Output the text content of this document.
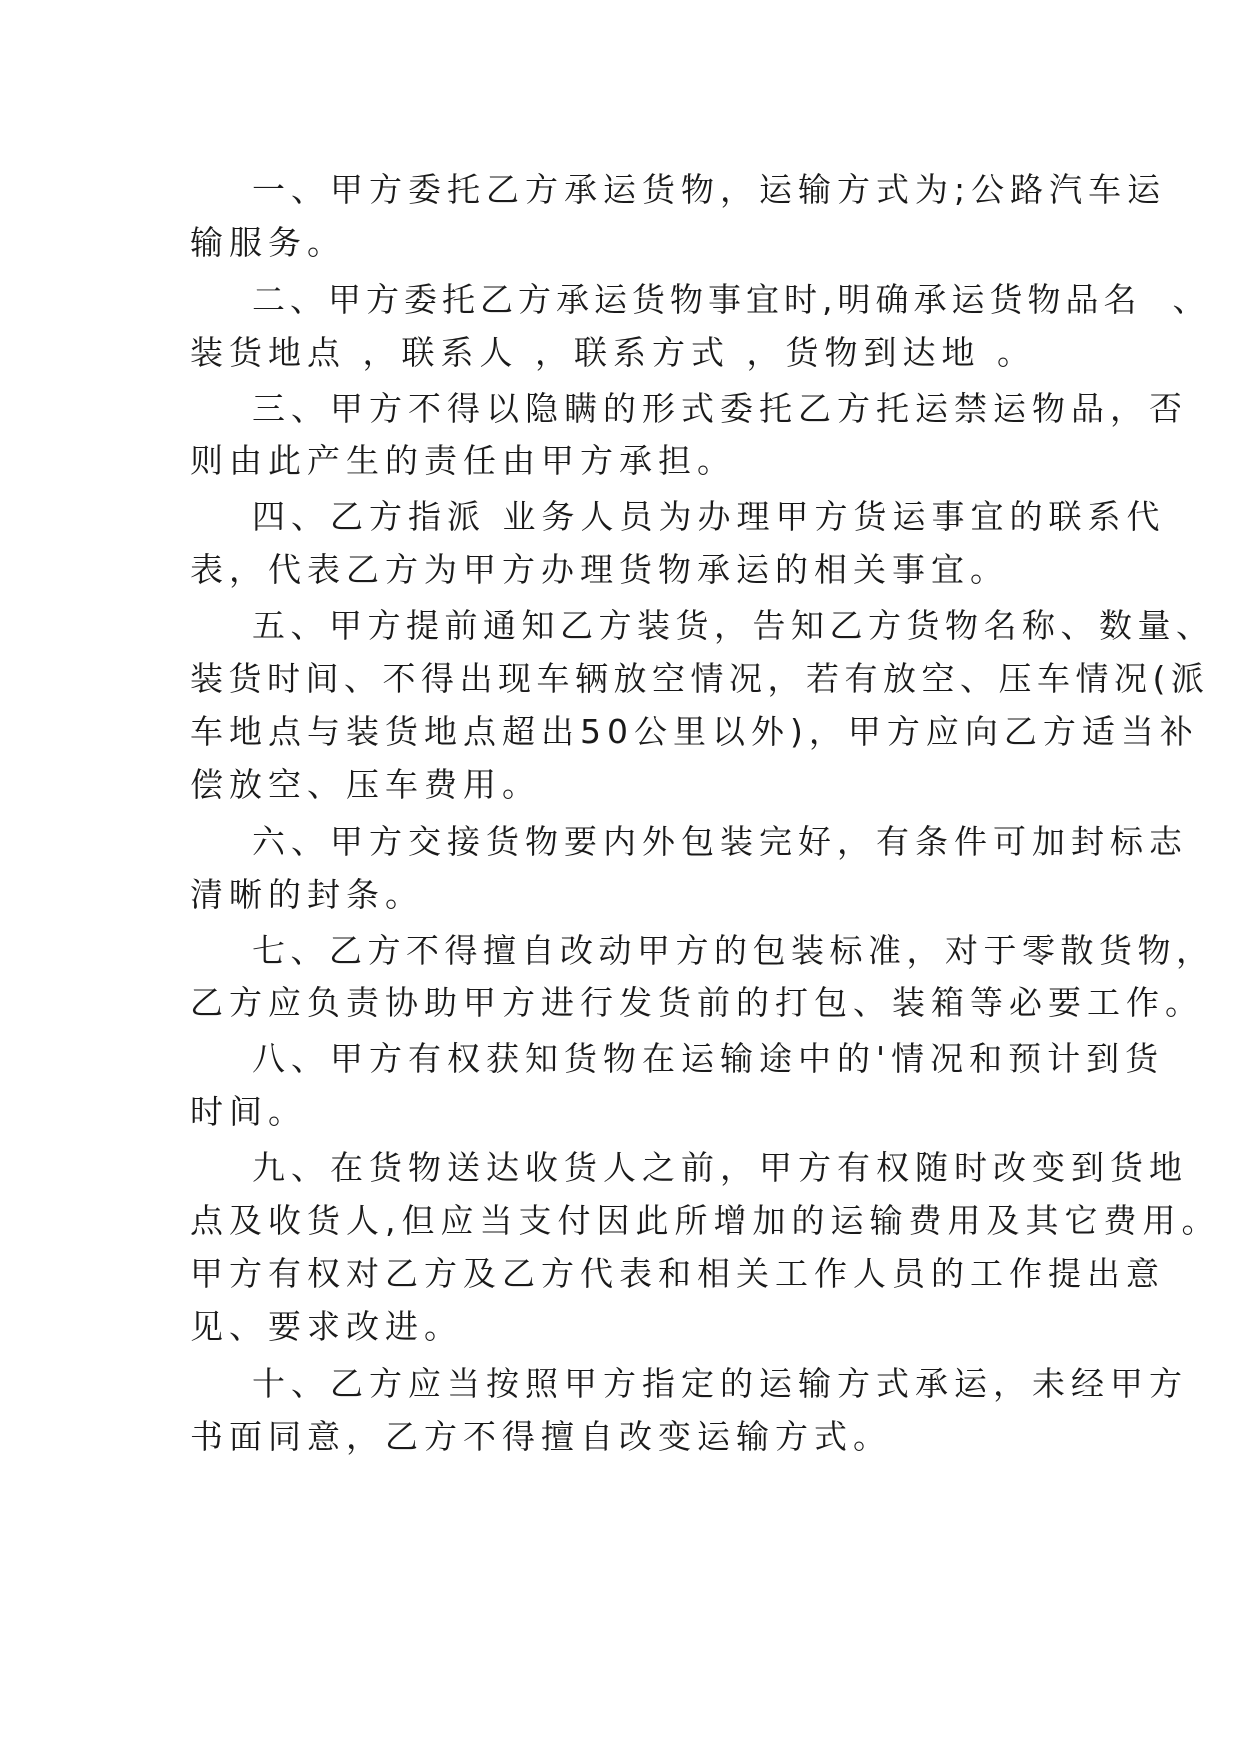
一、甲方委托乙方承运货物，运输方式为;公路汽车运
输服务。
二、甲方委托乙方承运货物事宜时,明确承运货物品名  、
装货地点 ，联系人 ，联系方式 ，货物到达地 。
三、甲方不得以隐瞒的形式委托乙方托运禁运物品，否
则由此产生的责任由甲方承担。
四、乙方指派 业务人员为办理甲方货运事宜的联系代
表，代表乙方为甲方办理货物承运的相关事宜。
五、甲方提前通知乙方装货，告知乙方货物名称、数量、
装货时间、不得出现车辆放空情况，若有放空、压车情况(派
车地点与装货地点超出50公里以外)，甲方应向乙方适当补
偿放空、压车费用。
六、甲方交接货物要内外包装完好，有条件可加封标志
清晰的封条。
七、乙方不得擅自改动甲方的包装标准，对于零散货物，
乙方应负责协助甲方进行发货前的打包、装箱等必要工作。
八、甲方有权获知货物在运输途中的'情况和预计到货
时间。
九、在货物送达收货人之前，甲方有权随时改变到货地
点及收货人,但应当支付因此所增加的运输费用及其它费用。
甲方有权对乙方及乙方代表和相关工作人员的工作提出意
见、要求改进。
十、乙方应当按照甲方指定的运输方式承运，未经甲方
书面同意，乙方不得擅自改变运输方式。
